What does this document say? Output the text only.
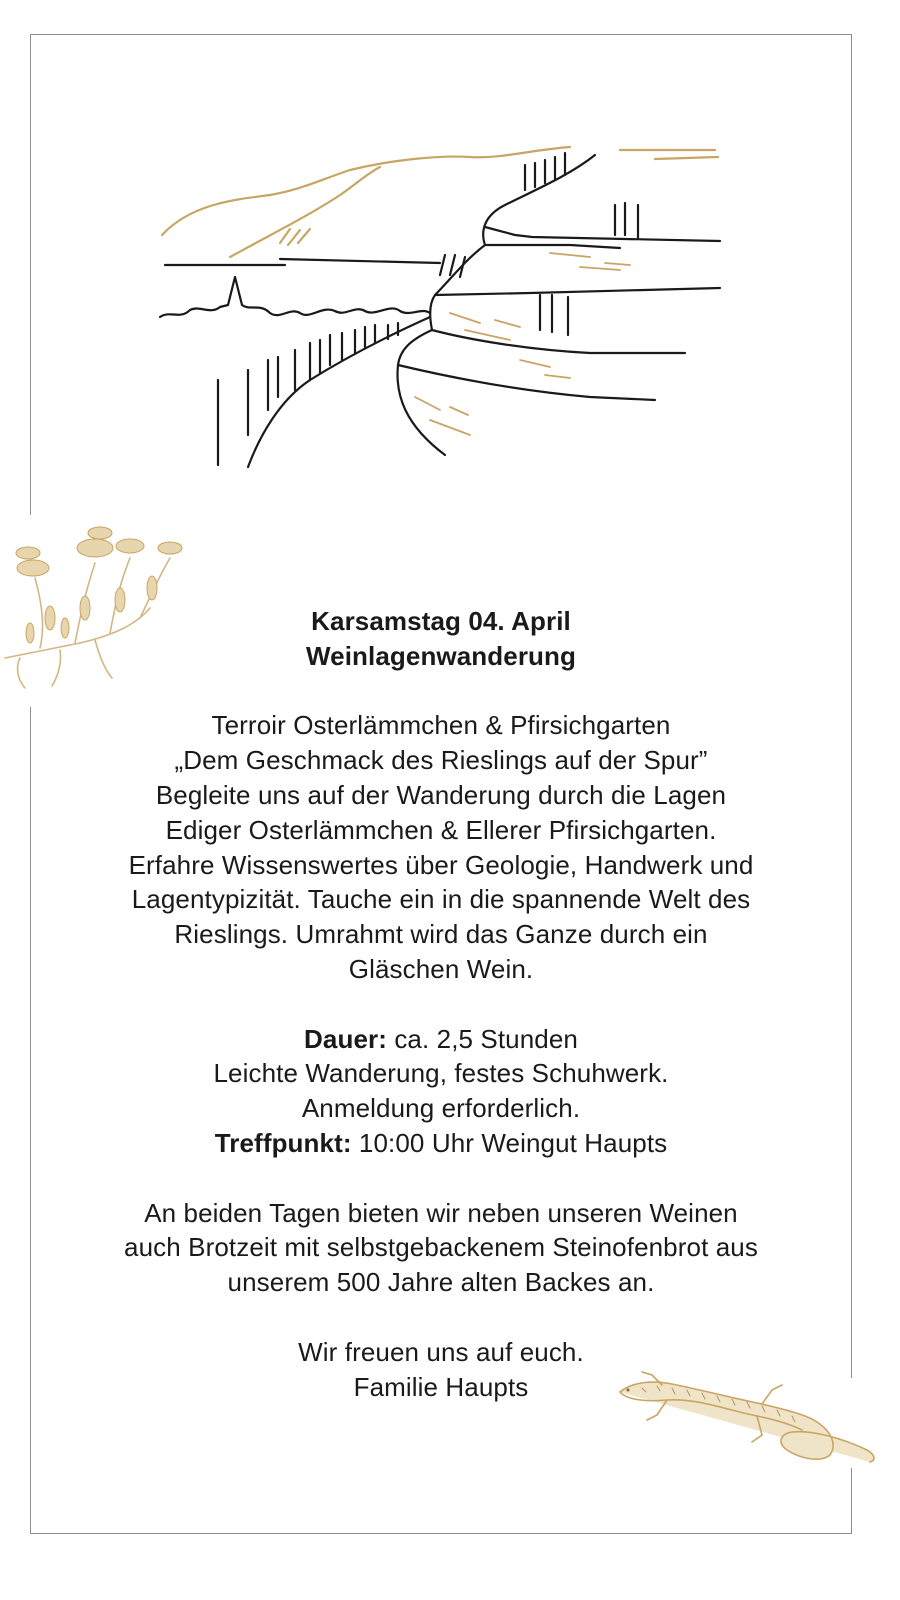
Karsamstag 04. April

Weinlagenwanderung

Terroir Osterlämmchen & Pfirsichgarten

„Dem Geschmack des Rieslings auf der Spur”

Begleite uns auf der Wanderung durch die Lagen

Ediger Osterlämmchen & Ellerer Pfirsichgarten.

Erfahre Wissenswertes über Geologie, Handwerk und

Lagentypizität. Tauche ein in die spannende Welt des

Rieslings. Umrahmt wird das Ganze durch ein

Gläschen Wein.

Dauer: ca. 2,5 Stunden

Leichte Wanderung, festes Schuhwerk.

Anmeldung erforderlich.

Treffpunkt: 10:00 Uhr Weingut Haupts

An beiden Tagen bieten wir neben unseren Weinen

auch Brotzeit mit selbstgebackenem Steinofenbrot aus

unserem 500 Jahre alten Backes an.

Wir freuen uns auf euch.

Familie Haupts
